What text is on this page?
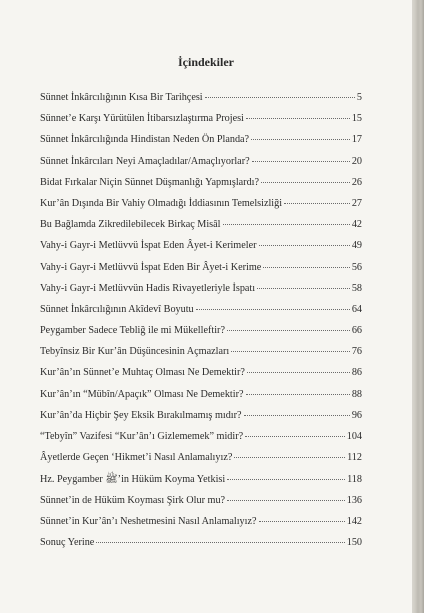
İçindekiler
Sünnet İnkârcılığının Kısa Bir Tarihçesi	5
Sünnet’e Karşı Yürütülen İtibarsızlaştırma Projesi	15
Sünnet İnkârcılığında Hindistan Neden Ön Planda?	17
Sünnet İnkârcıları Neyi Amaçladılar/Amaçlıyorlar?	20
Bidat Fırkalar Niçin Sünnet Düşmanlığı Yapmışlardı?	26
Kur’ân Dışında Bir Vahiy Olmadığı İddiasının Temelsizliği	27
Bu Bağlamda Zikredilebilecek Birkaç Misâl	42
Vahy-i Gayr-i Metlüvvü İspat Eden Âyet-i Kerimeler	49
Vahy-i Gayr-i Metlüvvü İspat Eden Bir Âyet-i Kerime	56
Vahy-i Gayr-i Metlüvvün Hadis Rivayetleriyle İspatı	58
Sünnet İnkârcılığının Akîdevî Boyutu	64
Peygamber Sadece Tebliğ ile mi Mükelleftir?	66
Tebyînsiz Bir Kur’ân Düşüncesinin Açmazları	76
Kur’ân’ın Sünnet’e Muhtaç Olması Ne Demektir?	86
Kur’ân’ın “Mübîn/Apaçık” Olması Ne Demektir?	88
Kur’ân’da Hiçbir Şey Eksik Bırakılmamış mıdır?	96
“Tebyîn” Vazifesi “Kur’ân’ı Gizlememek” midir?	104
Âyetlerde Geçen ‘Hikmet’i Nasıl Anlamalıyız?	112
Hz. Peygamber ﷺ’in Hüküm Koyma Yetkisi	118
Sünnet’in de Hüküm Koyması Şirk Olur mu?	136
Sünnet’in Kur’ân’ı Neshetmesini Nasıl Anlamalıyız?	142
Sonuç Yerine	150
